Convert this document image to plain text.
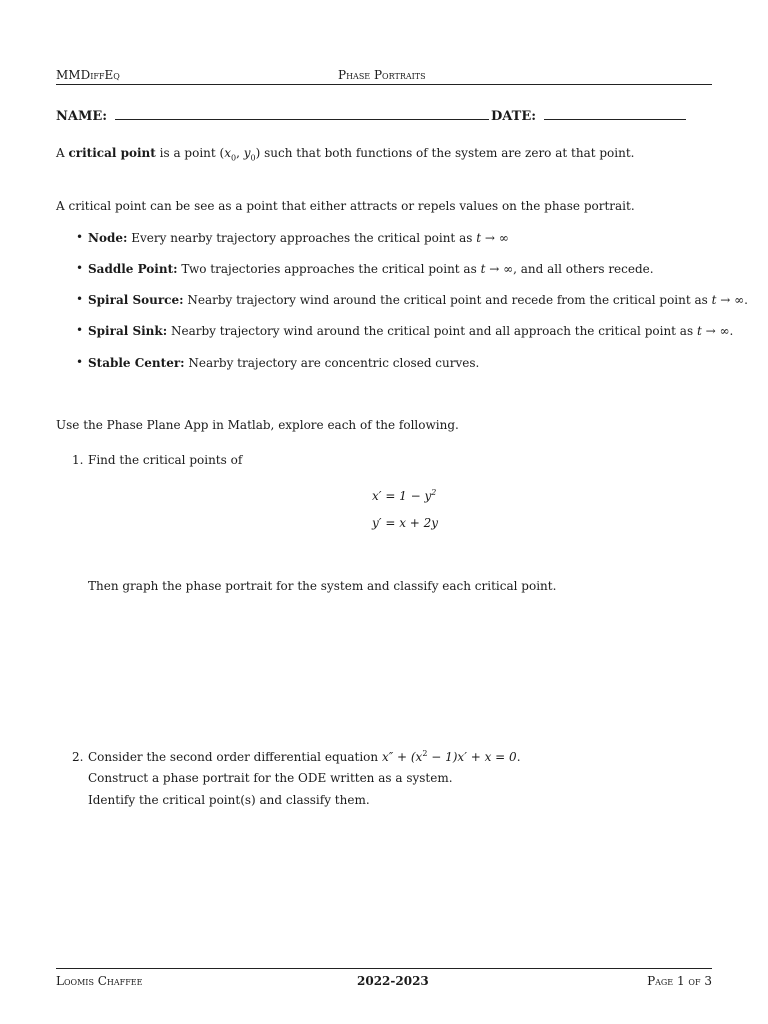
MMDiffEq	Phase Portraits
NAME:	DATE:
A critical point is a point ($x_0$, $y_0$) such that both functions of the system are zero at that point.
A critical point can be see as a point that either attracts or repels values on the phase portrait.
• Node: Every nearby trajectory approaches the critical point as t → ∞
• Saddle Point: Two trajectories approaches the critical point as t → ∞, and all others recede.
• Spiral Source: Nearby trajectory wind around the critical point and recede from the critical point as t → ∞.
• Spiral Sink: Nearby trajectory wind around the critical point and all approach the critical point as t → ∞.
• Stable Center: Nearby trajectory are concentric closed curves.
Use the Phase Plane App in Matlab, explore each of the following.
1. Find the critical points of
$x' = 1 - y^2$
y′ = x + 2y
Then graph the phase portrait for the system and classify each critical point.
2. Consider the second order differential equation $x'' + (x^2 - 1)x' + x = 0$.
Construct a phase portrait for the ODE written as a system.
Identify the critical point(s) and classify them.
Loomis Chaffee	2022-2023	Page 1 of 3
